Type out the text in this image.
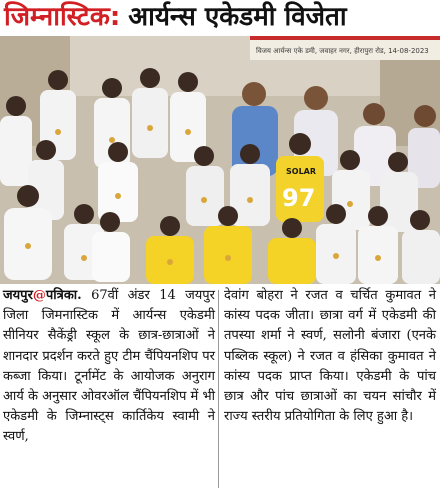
जिम्नास्टिक: आर्यन्स एकेडमी विजेता
विजय आर्यन्स एके डमी, जवाहर नगर, हीरापुरा रोड, 14-08-2023
SOLAR
97
जयपुर@पत्रिका. 67वीं अंडर 14 जयपुर जिला जिमनास्टिक में आर्यन्स एकेडमी सीनियर सैकेंड्री स्कूल के छात्र-छात्राओं ने शानदार प्रदर्शन करते हुए टीम चैंपियनशिप पर कब्जा किया। टूर्नामेंट के आयोजक अनुराग आर्य के अनुसार ओवरऑल चैंपियनशिप में भी एकेडमी के जिम्नास्ट्स कार्तिकेय स्वामी ने स्वर्ण,
देवांग बोहरा ने रजत व चर्चित कुमावत ने कांस्य पदक जीता। छात्रा वर्ग में एकेडमी की तपस्या शर्मा ने स्वर्ण, सलोनी बंजारा (एनके पब्लिक स्कूल) ने रजत व हंसिका कुमावत ने कांस्य पदक प्राप्त किया। एकेडमी के पांच छात्र और पांच छात्राओं का चयन सांचौर में राज्य स्तरीय प्रतियोगिता के लिए हुआ है।
